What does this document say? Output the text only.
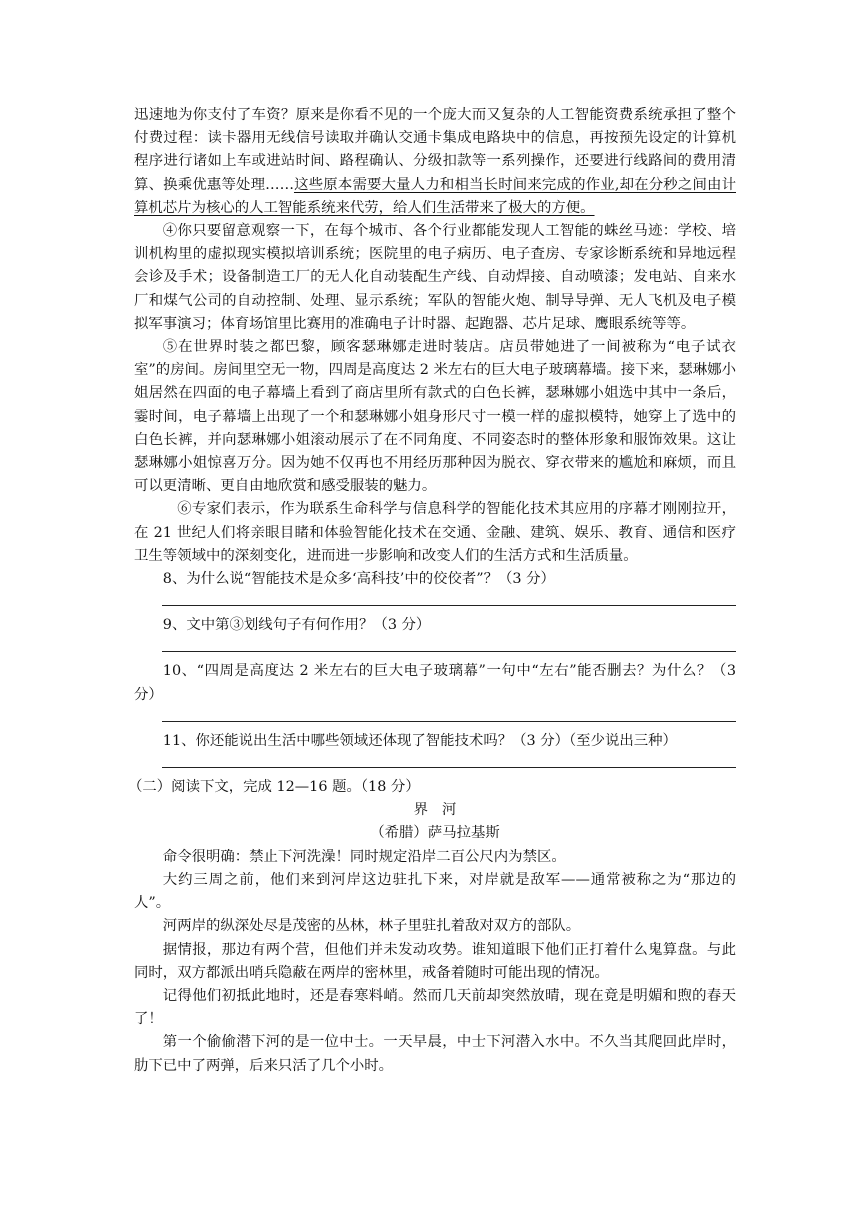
迅速地为你支付了车资？原来是你看不见的一个庞大而又复杂的人工智能资费系统承担了整个付费过程：读卡器用无线信号读取并确认交通卡集成电路块中的信息，再按预先设定的计算机程序进行诸如上车或进站时间、路程确认、分级扣款等一系列操作，还要进行线路间的费用清算、换乘优惠等处理……这些原本需要大量人力和相当长时间来完成的作业,却在分秒之间由计算机芯片为核心的人工智能系统来代劳，给人们生活带来了极大的方便。

④你只要留意观察一下，在每个城市、各个行业都能发现人工智能的蛛丝马迹：学校、培训机构里的虚拟现实模拟培训系统；医院里的电子病历、电子査房、专家诊断系统和异地远程会诊及手术；设备制造工厂的无人化自动装配生产线、自动焊接、自动喷漆；发电站、自来水厂和煤气公司的自动控制、处理、显示系统；军队的智能火炮、制导导弹、无人飞机及电子模拟军事演习；体育场馆里比赛用的准确电子计时器、起跑器、芯片足球、鹰眼系统等等。

⑤在世界时装之都巴黎，顾客瑟琳娜走进时装店。店员带她进了一间被称为“电子试衣室”的房间。房间里空无一物，四周是高度达 2 米左右的巨大电子玻璃幕墙。接下来，瑟琳娜小姐居然在四面的电子幕墙上看到了商店里所有款式的白色长裤，瑟琳娜小姐选中其中一条后，霎时间，电子幕墙上出现了一个和瑟琳娜小姐身形尺寸一模一样的虚拟模特，她穿上了选中的白色长裤，并向瑟琳娜小姐滚动展示了在不同角度、不同姿态时的整体形象和服饰效果。这让瑟琳娜小姐惊喜万分。因为她不仅再也不用经历那种因为脱衣、穿衣带来的尴尬和麻烦，而且可以更清晰、更自由地欣赏和感受服装的魅力。

⑥专家们表示，作为联系生命科学与信息科学的智能化技术其应用的序幕才刚刚拉开，在 21 世纪人们将亲眼目睹和体验智能化技术在交通、金融、建筑、娱乐、教育、通信和医疗卫生等领域中的深刻变化，进而进一步影响和改变人们的生活方式和生活质量。

8、为什么说“智能技术是众多‘高科技’中的佼佼者”？（3 分）

9、文中第③划线句子有何作用？（3 分）

10、“四周是高度达 2 米左右的巨大电子玻璃幕”一句中“左右”能否删去？为什么？（3 分）

11、你还能说出生活中哪些领域还体现了智能技术吗？（3 分）（至少说出三种）

（二）阅读下文，完成 12—16 题。（18 分）

界河

（希腊）萨马拉基斯

命令很明确：禁止下河洗澡！同时规定沿岸二百公尺内为禁区。

大约三周之前，他们来到河岸这边驻扎下来，对岸就是敌军——通常被称之为“那边的人”。

河两岸的纵深处尽是茂密的丛林，林子里驻扎着敌对双方的部队。

据情报，那边有两个营，但他们并未发动攻势。谁知道眼下他们正打着什么鬼算盘。与此同时，双方都派出哨兵隐蔽在两岸的密林里，戒备着随时可能出现的情况。

记得他们初抵此地时，还是春寒料峭。然而几天前却突然放晴，现在竟是明媚和煦的春天了！

第一个偷偷潜下河的是一位中士。一天早晨，中士下河潜入水中。不久当其爬回此岸时，肋下已中了两弹，后来只活了几个小时。
